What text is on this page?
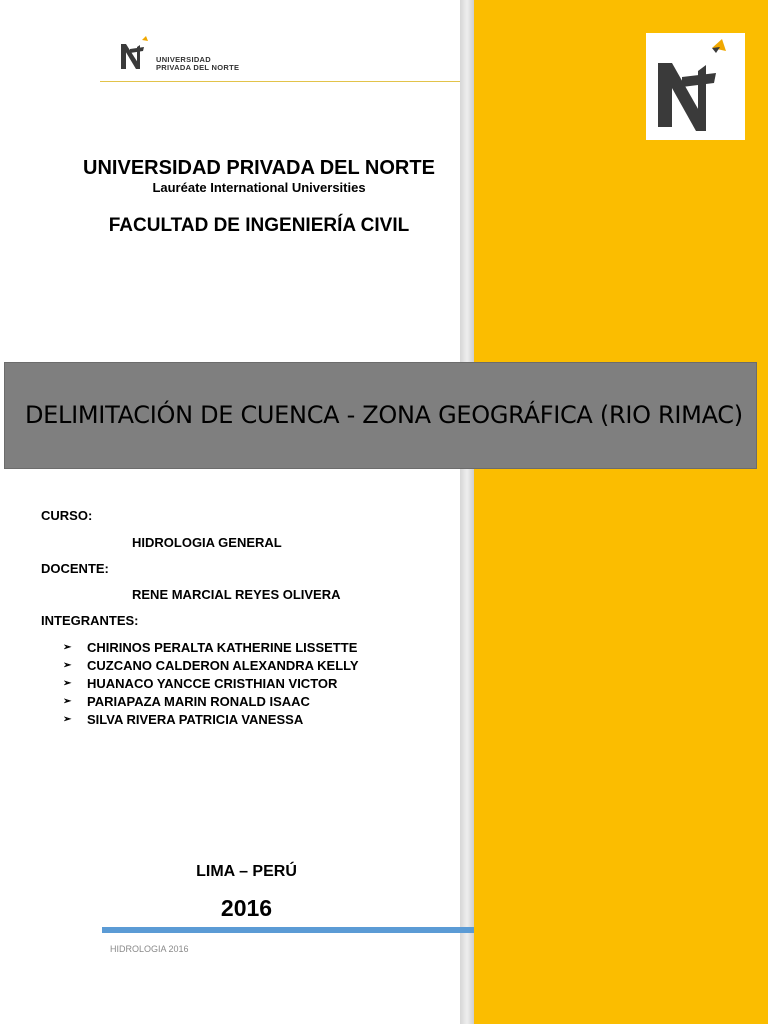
UNIVERSIDAD
PRIVADA DEL NORTE
UNIVERSIDAD PRIVADA DEL NORTE
Lauréate International Universities
FACULTAD DE INGENIERÍA CIVIL
DELIMITACIÓN DE CUENCA - ZONA GEOGRÁFICA (RIO RIMAC)
CURSO:
HIDROLOGIA GENERAL
DOCENTE:
RENE MARCIAL REYES OLIVERA
INTEGRANTES:
➢	CHIRINOS PERALTA KATHERINE LISSETTE
➢	CUZCANO CALDERON ALEXANDRA KELLY
➢	HUANACO YANCCE CRISTHIAN VICTOR
➢	PARIAPAZA MARIN RONALD ISAAC
➢	SILVA RIVERA PATRICIA VANESSA
LIMA – PERÚ
2016
HIDROLOGIA 2016
